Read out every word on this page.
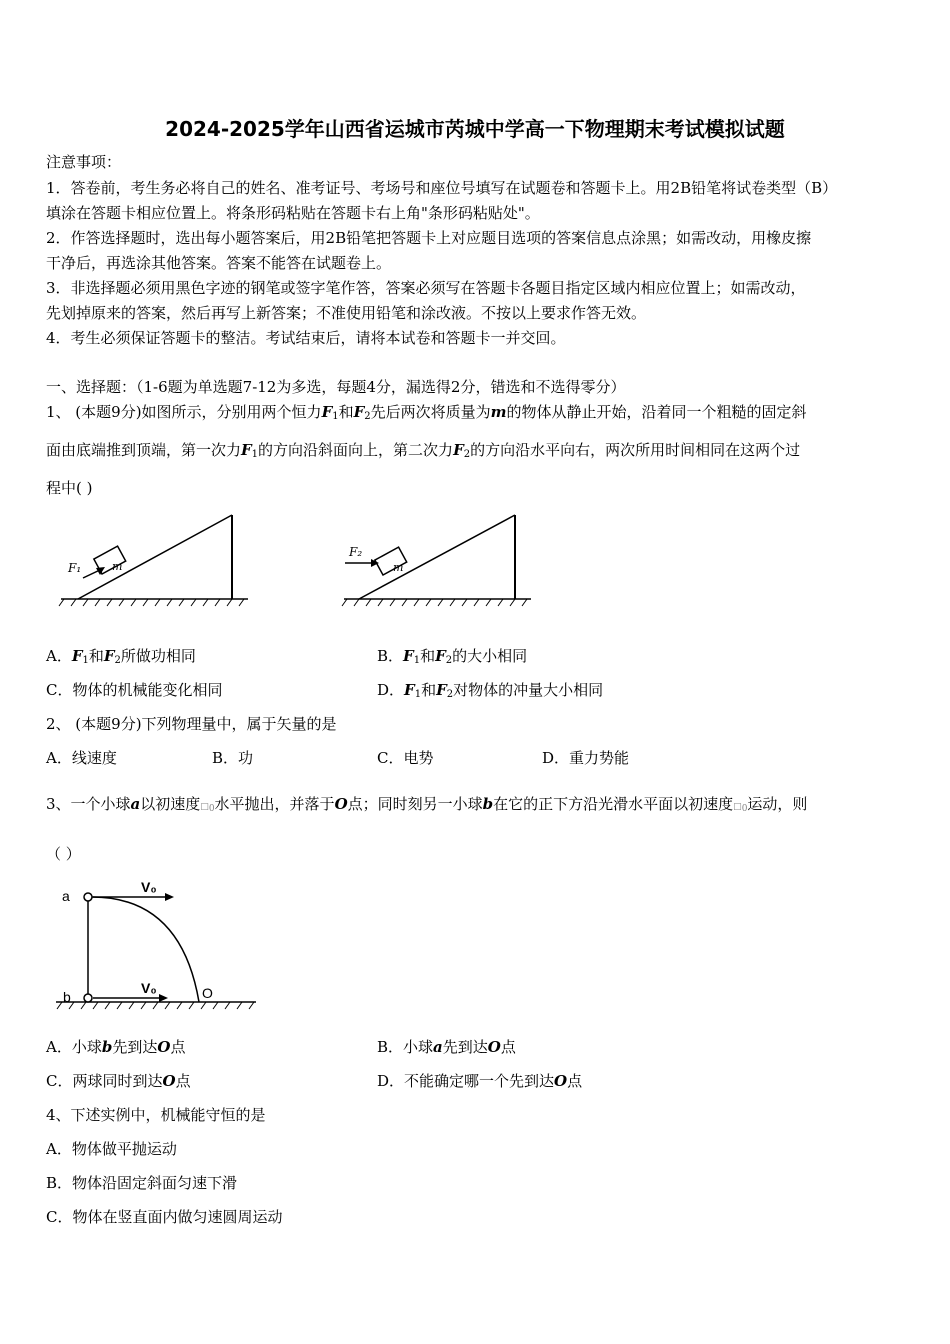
2024-2025学年山西省运城市芮城中学高一下物理期末考试模拟试题
注意事项：
1．答卷前，考生务必将自己的姓名、准考证号、考场号和座位号填写在试题卷和答题卡上。用2B铅笔将试卷类型（B）
填涂在答题卡相应位置上。将条形码粘贴在答题卡右上角"条形码粘贴处"。
2．作答选择题时，选出每小题答案后，用2B铅笔把答题卡上对应题目选项的答案信息点涂黑；如需改动，用橡皮擦
干净后，再选涂其他答案。答案不能答在试题卷上。
3．非选择题必须用黑色字迹的钢笔或签字笔作答，答案必须写在答题卡各题目指定区域内相应位置上；如需改动，
先划掉原来的答案，然后再写上新答案；不准使用铅笔和涂改液。不按以上要求作答无效。
4．考生必须保证答题卡的整洁。考试结束后，请将本试卷和答题卡一并交回。
一、选择题：（1-6题为单选题7-12为多选，每题4分，漏选得2分，错选和不选得零分）
1、 (本题9分)如图所示，分别用两个恒力$F_1$和$F_2$先后两次将质量为m的物体从静止开始，沿着同一个粗糙的固定斜
面由底端推到顶端，第一次力$F_1$的方向沿斜面向上，第二次力$F_2$的方向沿水平向右，两次所用时间相同在这两个过
程中( )
m
F₁	m
F₂
A．$F_1$和$F_2$所做功相同	B．$F_1$和$F_2$的大小相同
C．物体的机械能变化相同	D．$F_1$和$F_2$对物体的冲量大小相同
2、 (本题9分)下列物理量中，属于矢量的是
A．线速度	B．功	C．电势	D．重力势能
3、一个小球a以初速度$□_0$水平抛出，并落于O点；同时刻另一小球b在它的正下方沿光滑水平面以初速度$□_0$运动，则
（ ）
a
b
V₀
V₀	O
A．小球b先到达O点	B．小球a先到达O点
C．两球同时到达O点	D．不能确定哪一个先到达O点
4、下述实例中，机械能守恒的是
A．物体做平抛运动
B．物体沿固定斜面匀速下滑
C．物体在竖直面内做匀速圆周运动
